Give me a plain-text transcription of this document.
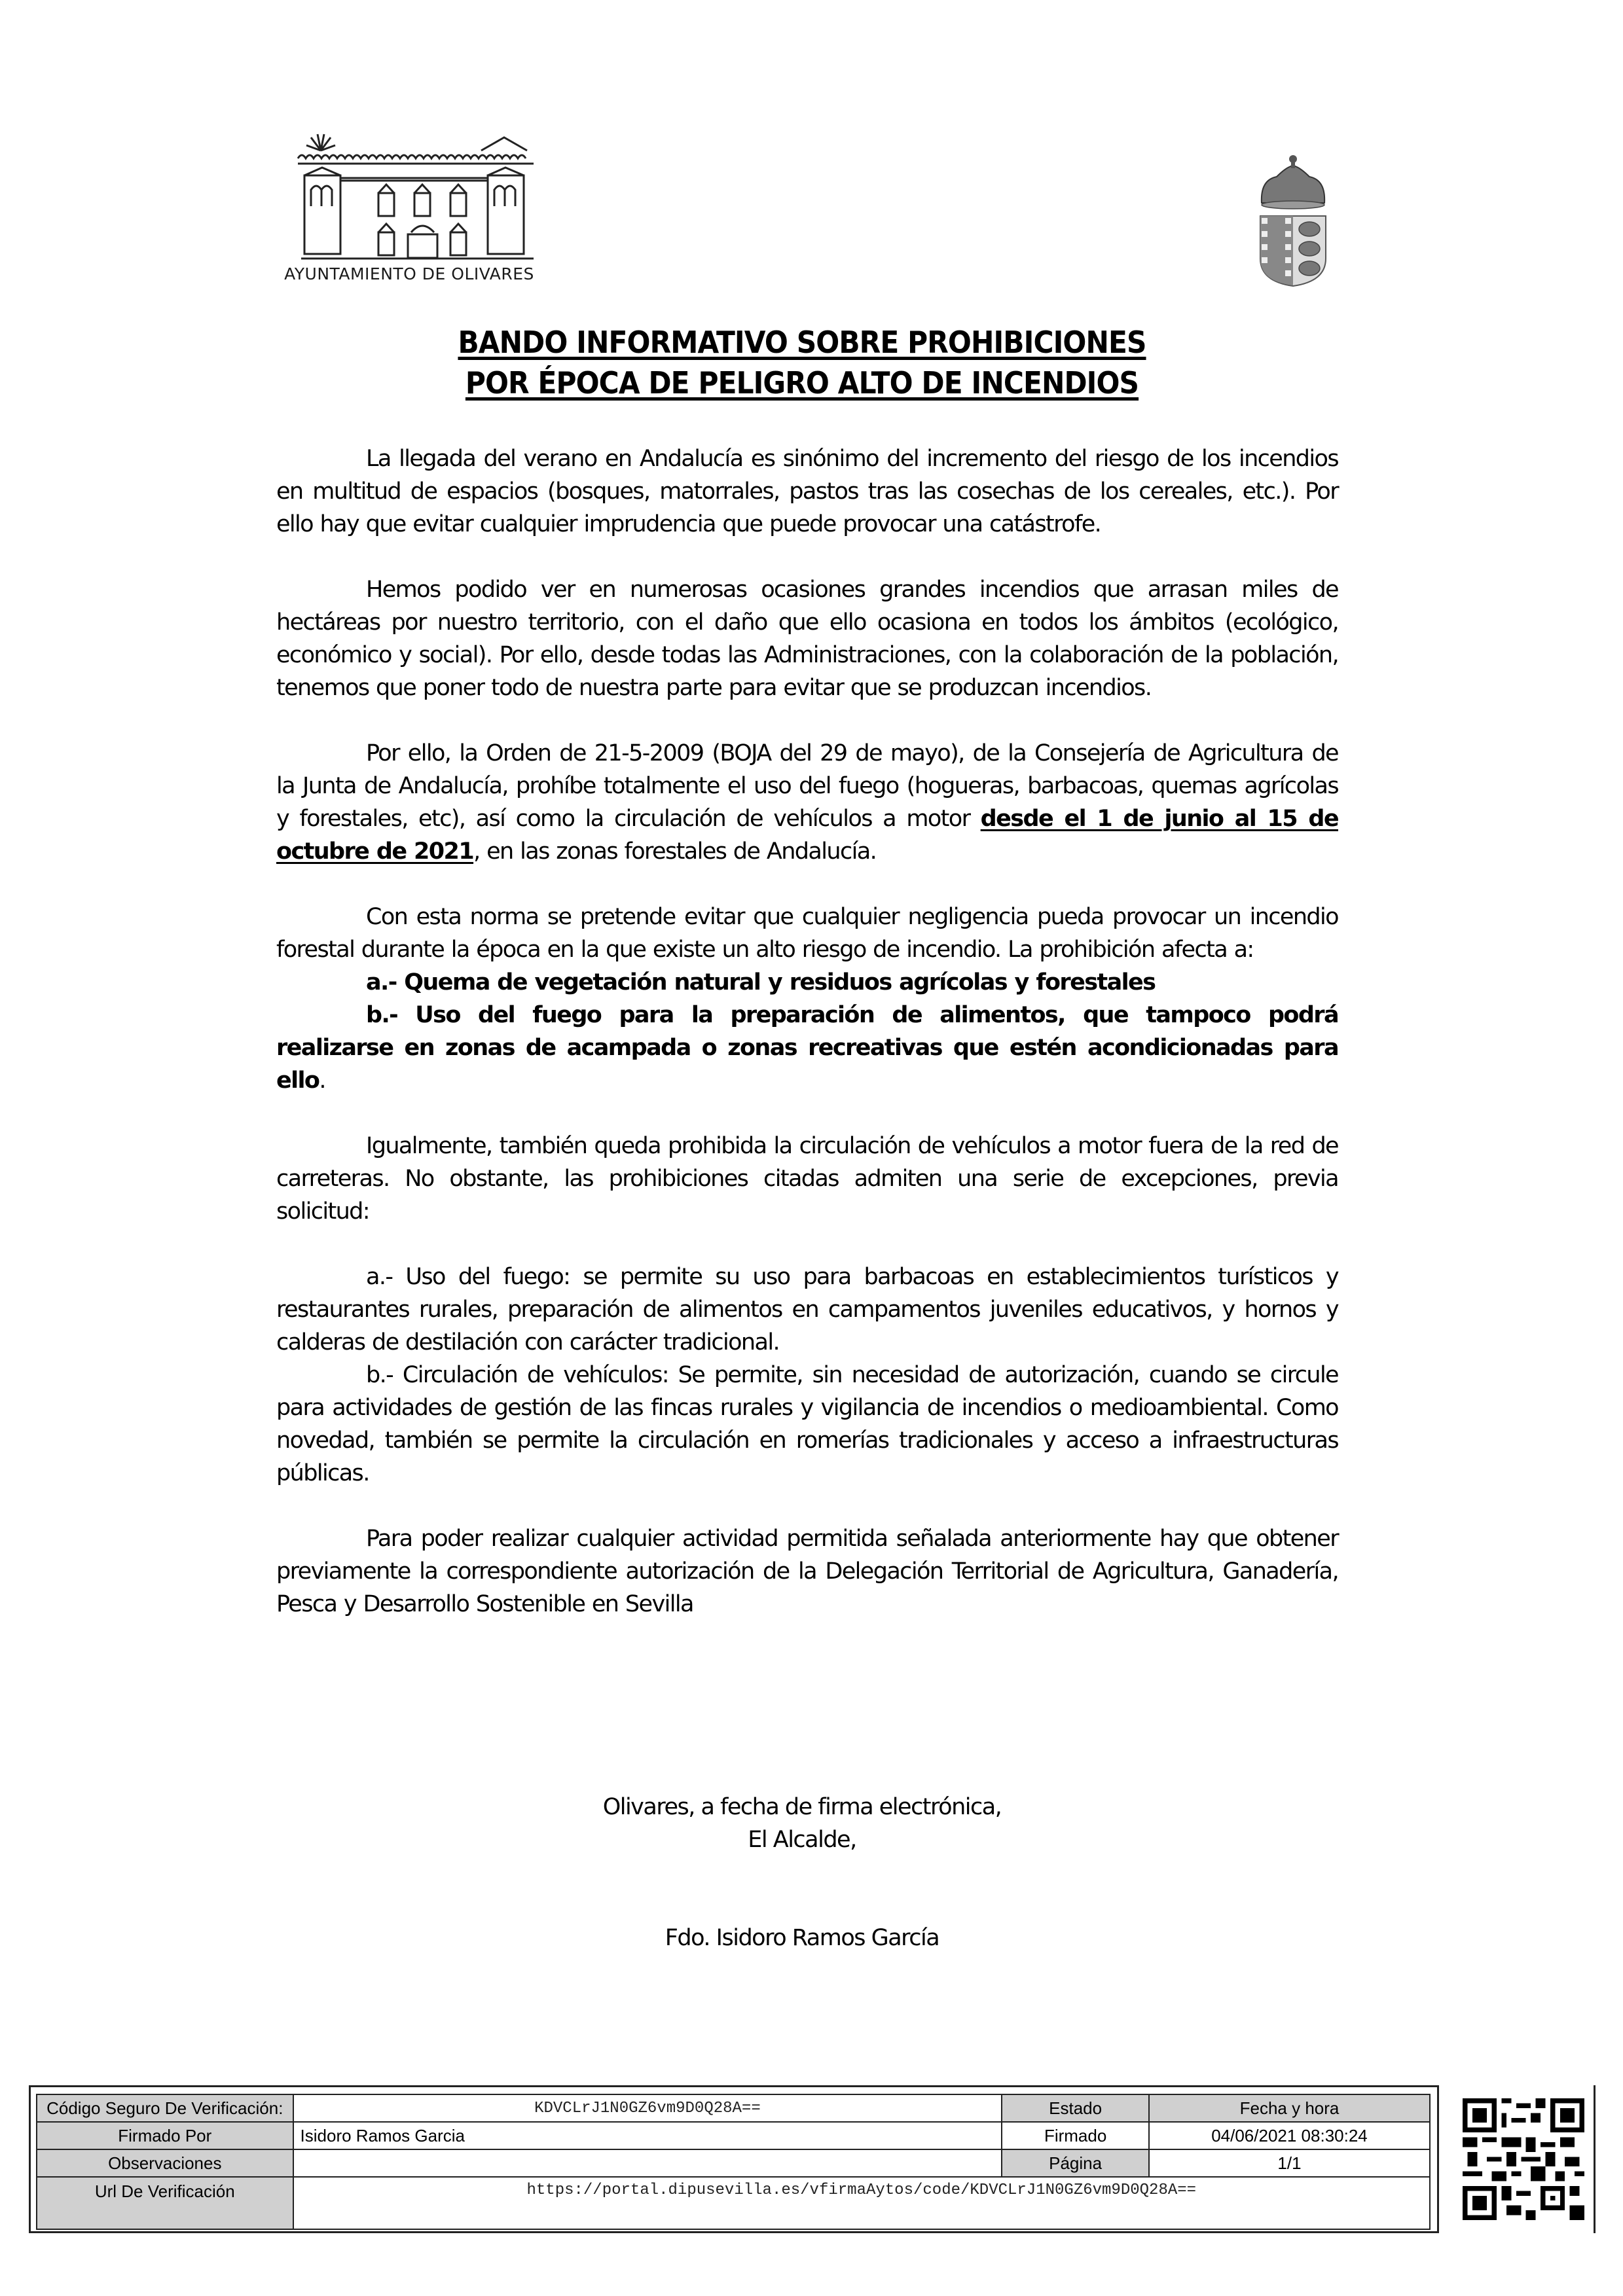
AYUNTAMIENTO DE OLIVARES
BANDO INFORMATIVO SOBRE PROHIBICIONES
POR ÉPOCA DE PELIGRO ALTO DE INCENDIOS

La llegada del verano en Andalucía es sinónimo del incremento del riesgo de los incendios en multitud de espacios (bosques, matorrales, pastos tras las cosechas de los cereales, etc.). Por ello hay que evitar cualquier imprudencia que puede provocar una catástrofe.

Hemos podido ver en numerosas ocasiones grandes incendios que arrasan miles de hectáreas por nuestro territorio, con el daño que ello ocasiona en todos los ámbitos (ecológico, económico y social). Por ello, desde todas las Administraciones, con la colaboración de la población, tenemos que poner todo de nuestra parte para evitar que se produzcan incendios.

Por ello, la Orden de 21-5-2009 (BOJA del 29 de mayo), de la Consejería de Agricultura de la Junta de Andalucía, prohíbe totalmente el uso del fuego (hogueras, barbacoas, quemas agrícolas y forestales, etc), así como la circulación de vehículos a motor desde el 1 de junio al 15 de octubre de 2021, en las zonas forestales de Andalucía.

Con esta norma se pretende evitar que cualquier negligencia pueda provocar un incendio forestal durante la época en la que existe un alto riesgo de incendio. La prohibición afecta a:

a.- Quema de vegetación natural y residuos agrícolas y forestales

b.- Uso del fuego para la preparación de alimentos, que tampoco podrá realizarse en zonas de acampada o zonas recreativas que estén acondicionadas para ello.

Igualmente, también queda prohibida la circulación de vehículos a motor fuera de la red de carreteras. No obstante, las prohibiciones citadas admiten una serie de excepciones, previa solicitud:

a.- Uso del fuego: se permite su uso para barbacoas en establecimientos turísticos y restaurantes rurales, preparación de alimentos en campamentos juveniles educativos, y hornos y calderas de destilación con carácter tradicional.

b.- Circulación de vehículos: Se permite, sin necesidad de autorización, cuando se circule para actividades de gestión de las fincas rurales y vigilancia de incendios o medioambiental. Como novedad, también se permite la circulación en romerías tradicionales y acceso a infraestructuras públicas.

Para poder realizar cualquier actividad permitida señalada anteriormente hay que obtener previamente la correspondiente autorización de la Delegación Territorial de Agricultura, Ganadería, Pesca y Desarrollo Sostenible en Sevilla

Olivares, a fecha de firma electrónica,
El Alcalde,
Fdo. Isidoro Ramos García
Código Seguro De Verificación:	KDVCLrJ1N0GZ6vm9D0Q28A==	Estado	Fecha y hora
Firmado Por	Isidoro Ramos Garcia	Firmado	04/06/2021 08:30:24
Observaciones		Página	1/1
Url De Verificación	https://portal.dipusevilla.es/vfirmaAytos/code/KDVCLrJ1N0GZ6vm9D0Q28A==		
